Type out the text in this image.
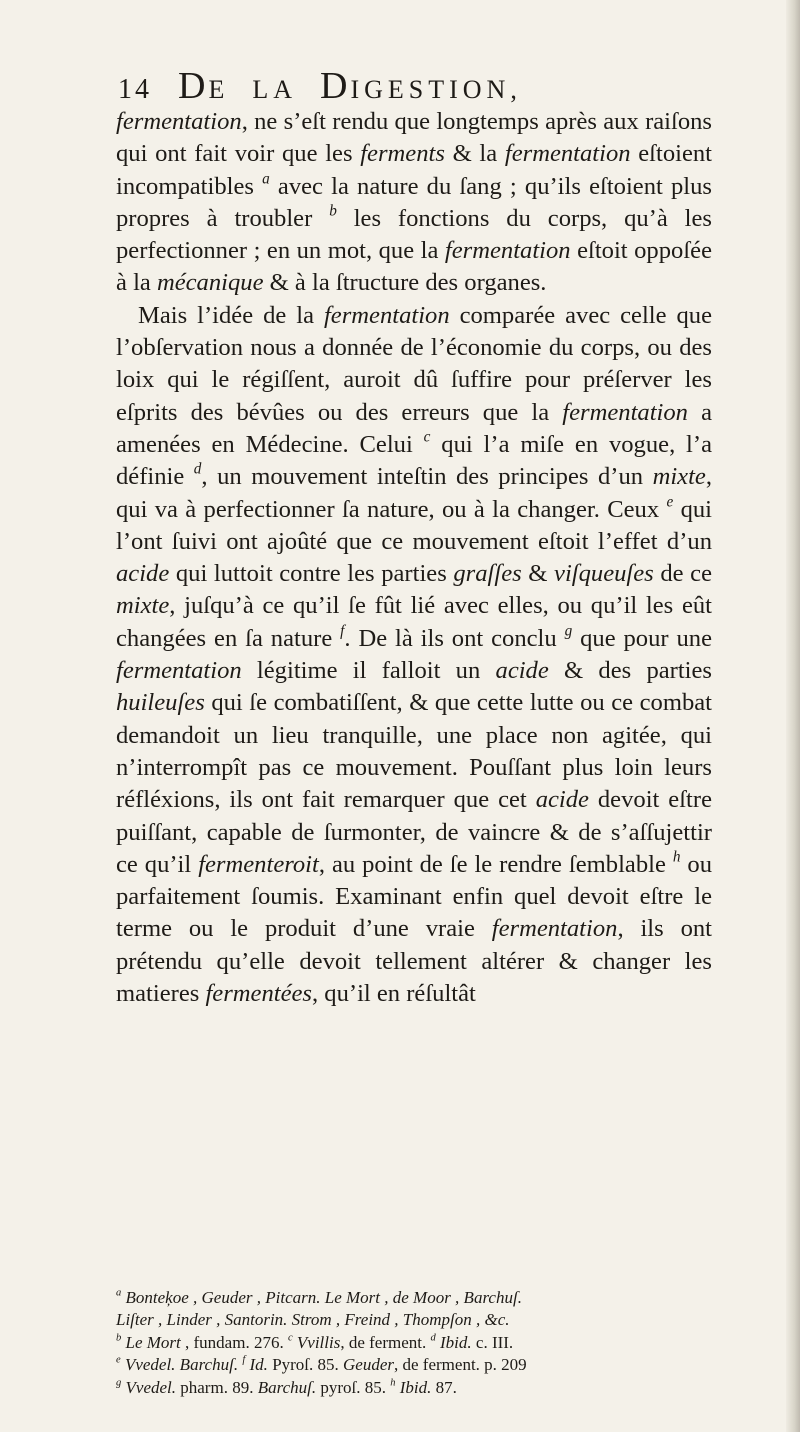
14 DE LA DIGESTION,

fermentation, ne s’eſt rendu que longtemps après aux raiſons qui ont fait voir que les ferments & la fermentation eſtoient incompatibles $^a$ avec la nature du ſang ; qu’ils eſtoient plus propres à troubler $^b$ les fonctions du corps, qu’à les perfectionner ; en un mot, que la fermentation eſtoit oppoſée à la mécanique & à la ſtructure des organes.

Mais l’idée de la fermentation comparée avec celle que l’obſervation nous a donnée de l’économie du corps, ou des loix qui le régiſſent, auroit dû ſuffire pour préſerver les eſprits des bévûes ou des erreurs que la fermentation a amenées en Médecine. Celui $^c$ qui l’a miſe en vogue, l’a définie $^d$, un mouvement inteſtin des principes d’un mixte, qui va à perfectionner ſa nature, ou à la changer. Ceux $^e$ qui l’ont ſuivi ont ajoûté que ce mouvement eſtoit l’effet d’un acide qui luttoit contre les parties graſſes & viſqueuſes de ce mixte, juſqu’à ce qu’il ſe fût lié avec elles, ou qu’il les eût changées en ſa nature $^f$. De là ils ont conclu $^g$ que pour une fermentation légitime il falloit un acide & des parties huileuſes qui ſe combatiſſent, & que cette lutte ou ce combat demandoit un lieu tranquille, une place non agitée, qui n’interrompît pas ce mouvement. Pouſſant plus loin leurs réfléxions, ils ont fait remarquer que cet acide devoit eſtre puiſſant, capable de ſurmonter, de vaincre & de s’aſſujettir ce qu’il fermenteroit, au point de ſe le rendre ſemblable $^h$ ou parfaitement ſoumis. Examinant enfin quel devoit eſtre le terme ou le produit d’une vraie fermentation, ils ont prétendu qu’elle devoit tellement altérer & changer les matieres fermentées, qu’il en réſultât

$^a$ Bonteķoe , Geuder , Pitcarn. Le Mort , de Moor , Barchuſ.

Liſter , Linder , Santorin. Strom , Freind , Thompſon , &c.

$^b$ Le Mort , fundam. 276. $^c$ Vvillis, de ferment. $^d$ Ibid. c. III.

$^e$ Vvedel. Barchuſ. $^f$ Id. Pyroſ. 85. Geuder, de ferment. p. 209

$^g$ Vvedel. pharm. 89. Barchuſ. pyroſ. 85. $^h$ Ibid. 87.
